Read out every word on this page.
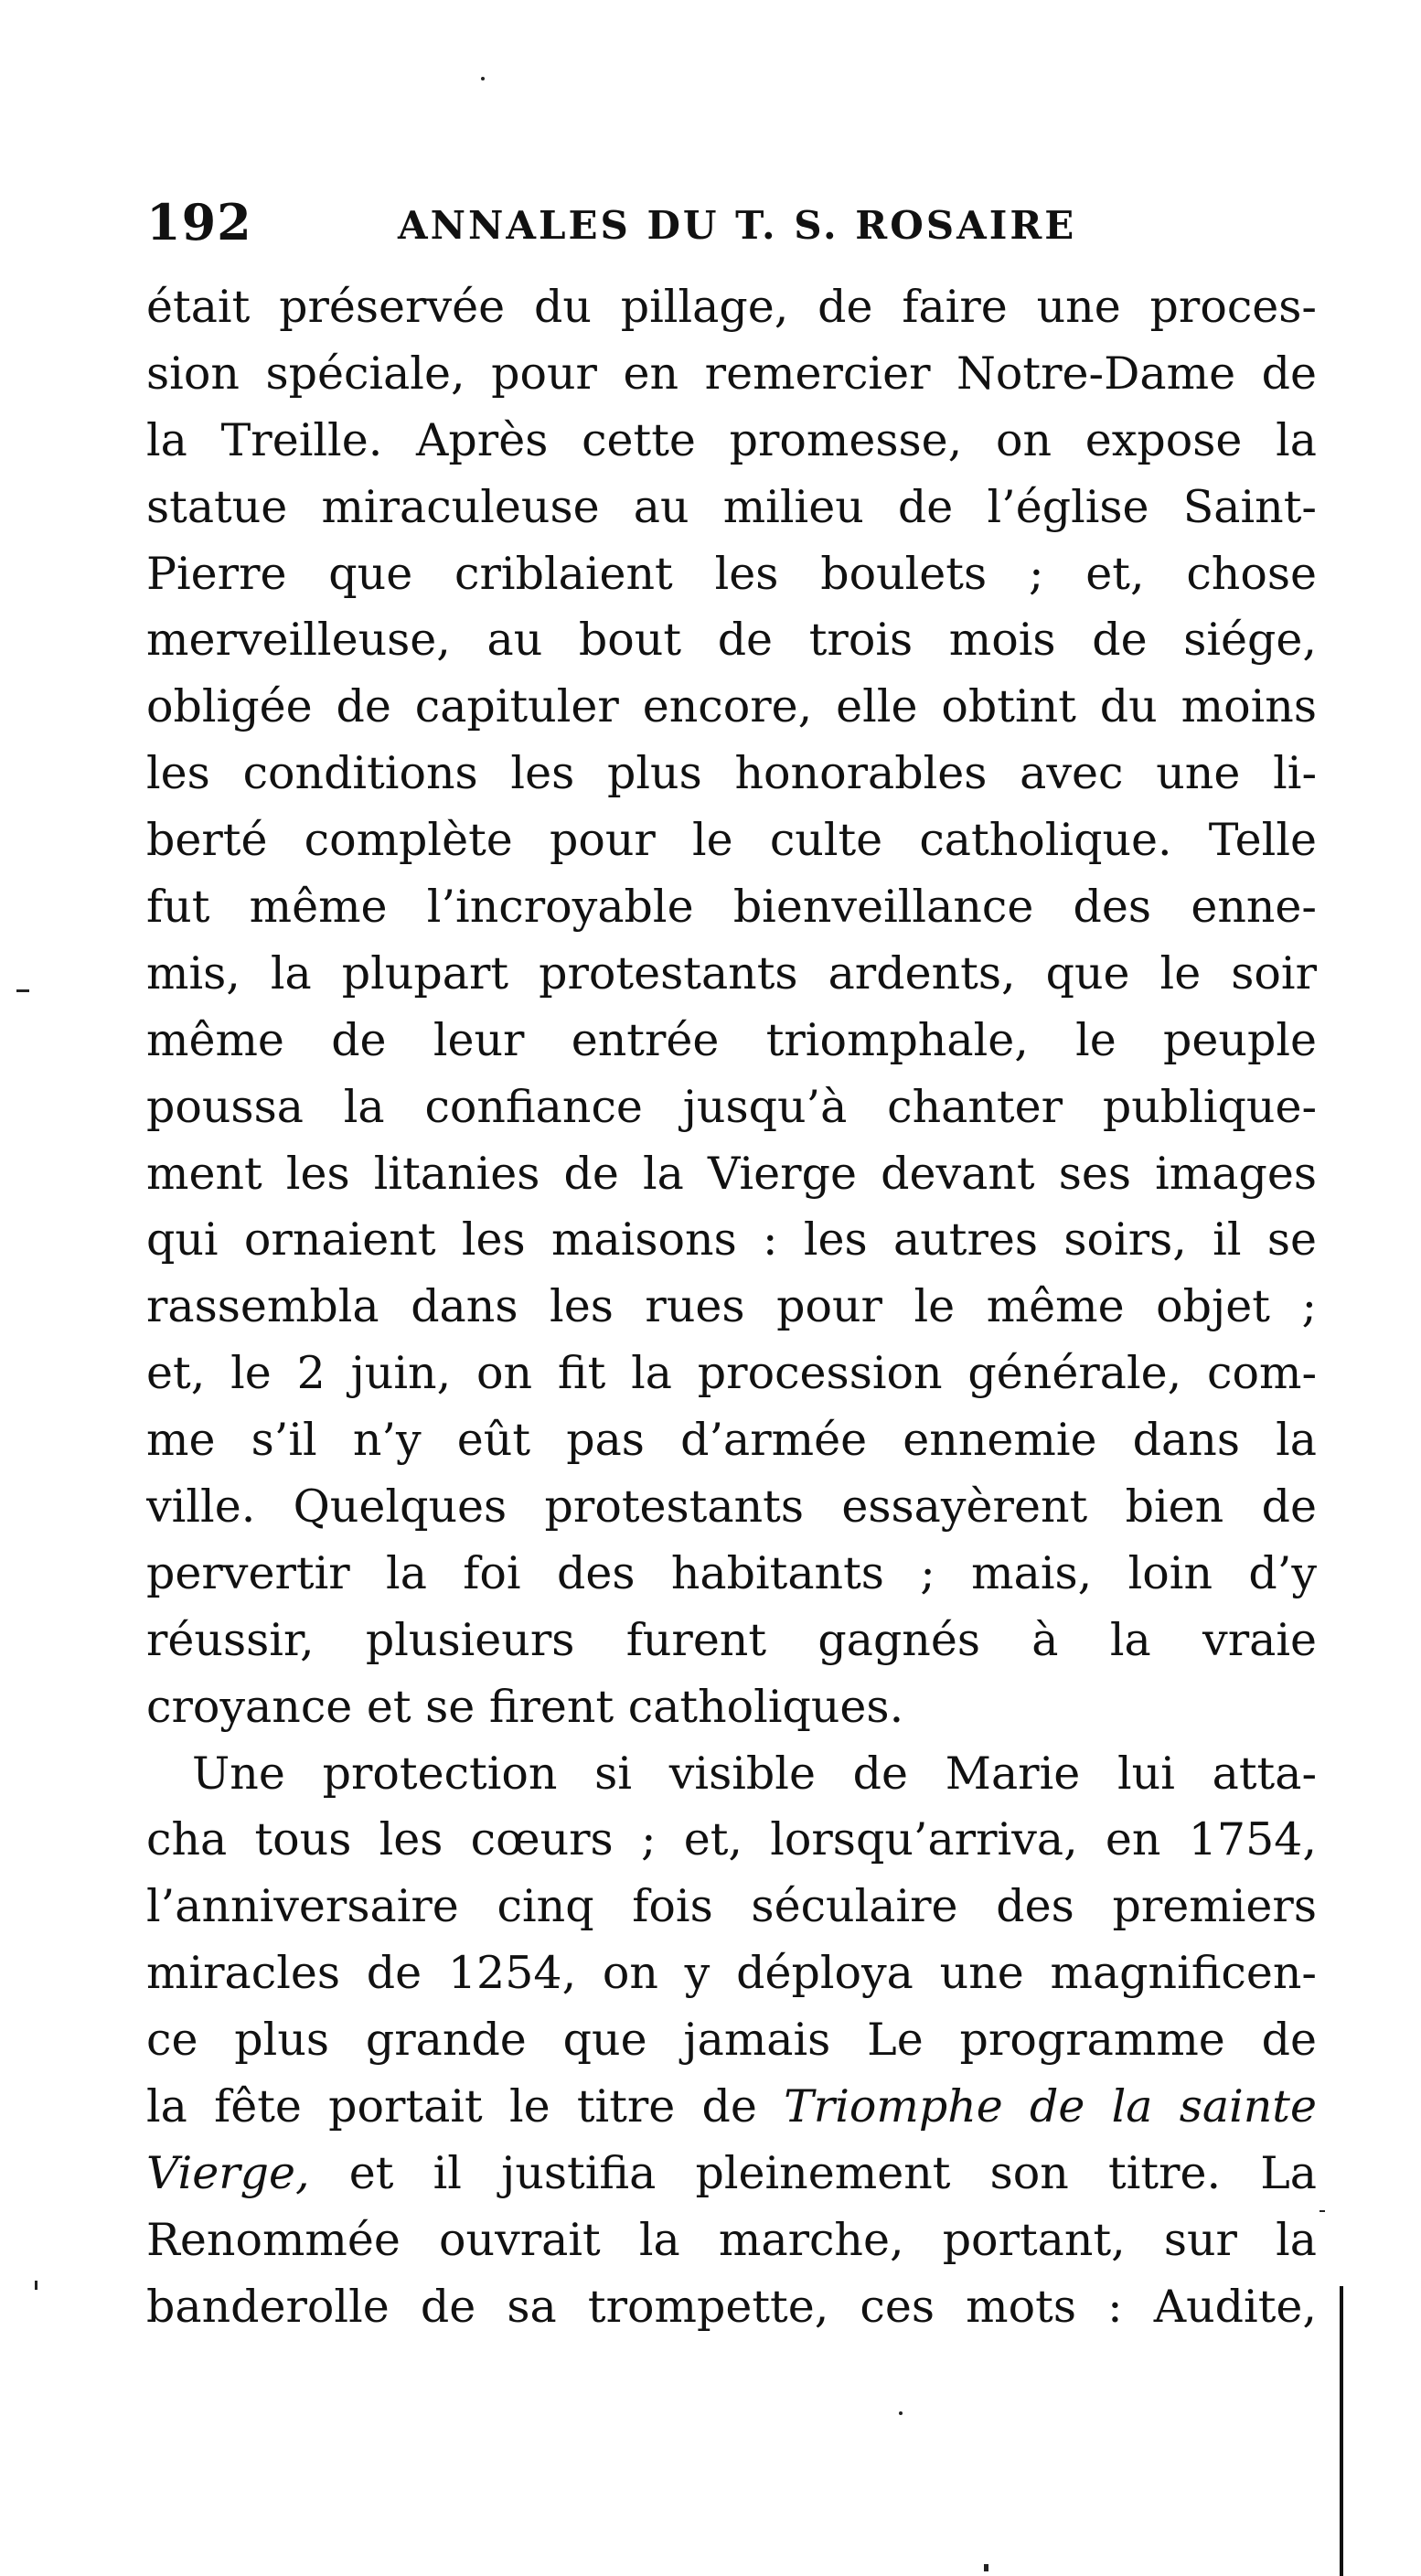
192	ANNALES DU T. S. ROSAIRE
était préservée du pillage, de faire une proces-
sion spéciale, pour en remercier Notre-Dame de
la Treille. Après cette promesse, on expose la
statue miraculeuse au milieu de l’église Saint-
Pierre que criblaient les boulets ; et, chose
merveilleuse, au bout de trois mois de siége,
obligée de capituler encore, elle obtint du moins
les conditions les plus honorables avec une li-
berté complète pour le culte catholique. Telle
fut même l’incroyable bienveillance des enne-
mis, la plupart protestants ardents, que le soir
même de leur entrée triomphale, le peuple
poussa la confiance jusqu’à chanter publique-
ment les litanies de la Vierge devant ses images
qui ornaient les maisons : les autres soirs, il se
rassembla dans les rues pour le même objet ;
et, le 2 juin, on fit la procession générale, com-
me s’il n’y eût pas d’armée ennemie dans la
ville. Quelques protestants essayèrent bien de
pervertir la foi des habitants ; mais, loin d’y
réussir, plusieurs furent gagnés à la vraie
croyance et se firent catholiques.
Une protection si visible de Marie lui atta-
cha tous les cœurs ; et, lorsqu’arriva, en 1754,
l’anniversaire cinq fois séculaire des premiers
miracles de 1254, on y déploya une magnificen-
ce plus grande que jamais Le programme de
la fête portait le titre de Triomphe de la sainte
Vierge, et il justifia pleinement son titre. La
Renommée ouvrait la marche, portant, sur la
banderolle de sa trompette, ces mots : Audite,
